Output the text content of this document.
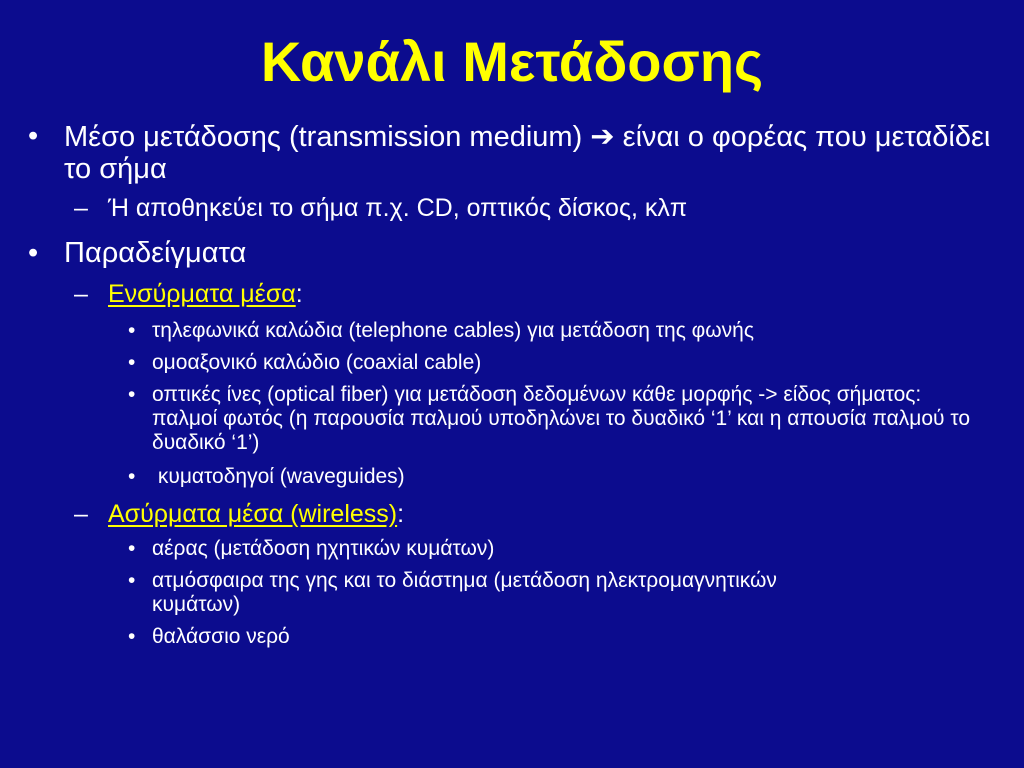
Κανάλι Μετάδοσης
• Μέσο μετάδοσης (transmission medium) ➔ είναι ο φορέας που μεταδίδει το σήμα
– Ή αποθηκεύει το σήμα π.χ. CD, οπτικός δίσκος, κλπ
• Παραδείγματα
– Ενσύρματα μέσα:
• τηλεφωνικά καλώδια (telephone cables) για μετάδοση της φωνής
• ομοαξονικό καλώδιο (coaxial cable)
• οπτικές ίνες (optical fiber) για μετάδοση δεδομένων κάθε μορφής -> είδος σήματος: παλμοί φωτός (η παρουσία παλμού υποδηλώνει το δυαδικό ‘1’ και η απουσία παλμού το δυαδικό ‘1’)
• κυματοδηγοί (waveguides)
– Ασύρματα μέσα (wireless):
• αέρας (μετάδοση ηχητικών κυμάτων)
• ατμόσφαιρα της γης και το διάστημα (μετάδοση ηλεκτρομαγνητικών κυμάτων)
• θαλάσσιο νερό
